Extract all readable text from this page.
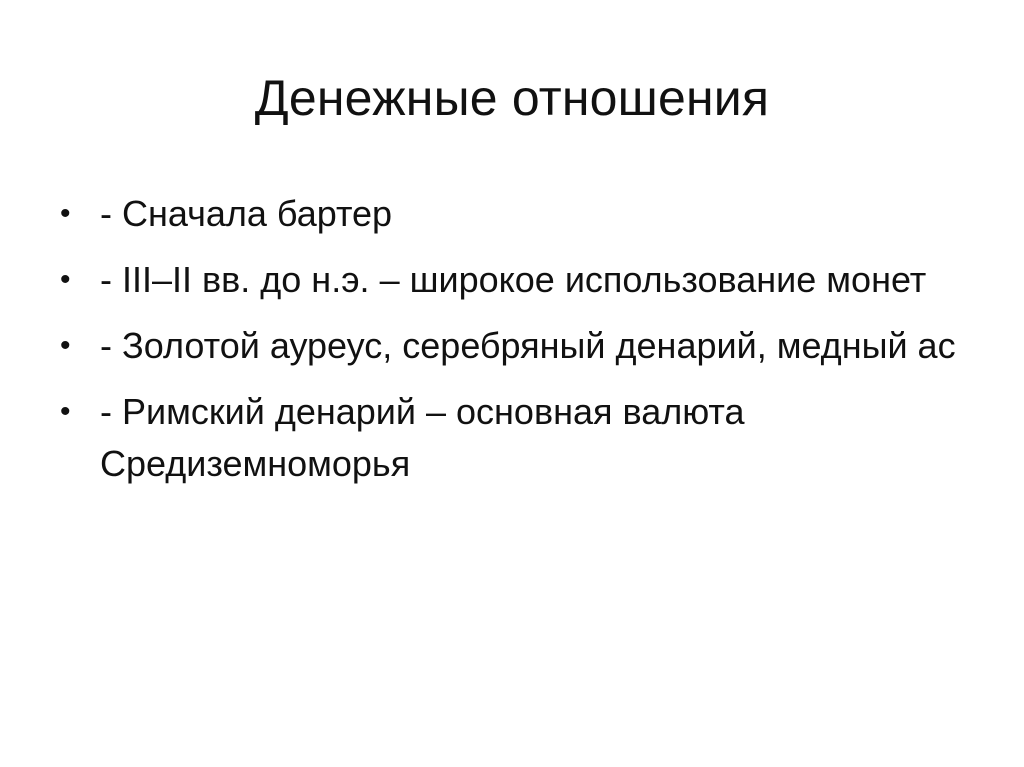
Денежные отношения
• - Сначала бартер
• - III–II вв. до н.э. – широкое использование монет
• - Золотой ауреус, серебряный денарий, медный ас
• - Римский денарий – основная валюта Средиземноморья
